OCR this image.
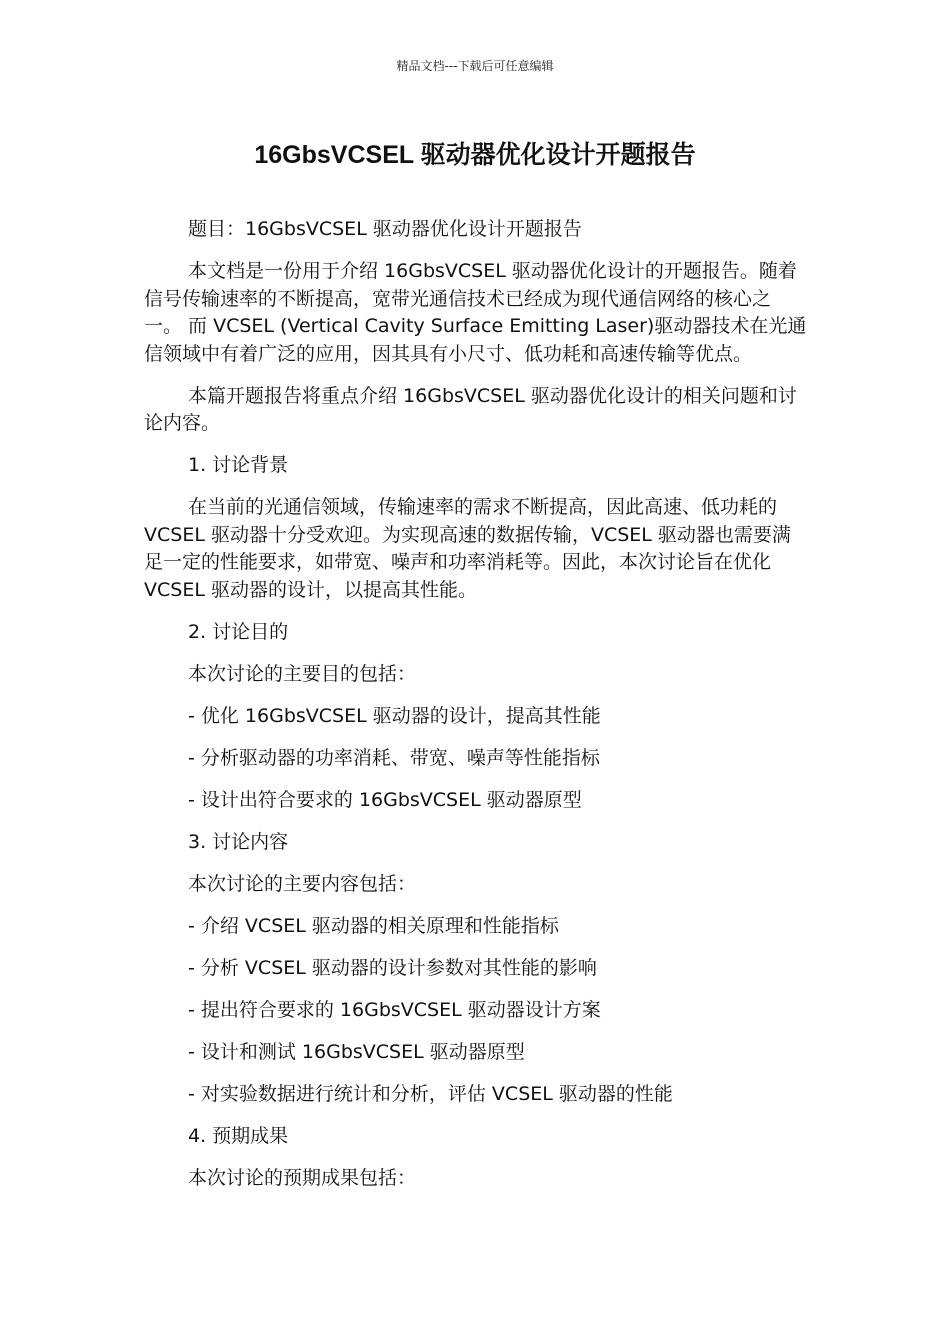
精品文档---下载后可任意编辑
16GbsVCSEL 驱动器优化设计开题报告

题目：16GbsVCSEL 驱动器优化设计开题报告

本文档是一份用于介绍 16GbsVCSEL 驱动器优化设计的开题报告。随着信号传输速率的不断提高，宽带光通信技术已经成为现代通信网络的核心之一。 而 VCSEL (Vertical Cavity Surface Emitting Laser)驱动器技术在光通信领域中有着广泛的应用，因其具有小尺寸、低功耗和高速传输等优点。

本篇开题报告将重点介绍 16GbsVCSEL 驱动器优化设计的相关问题和讨论内容。

1. 讨论背景

在当前的光通信领域，传输速率的需求不断提高，因此高速、低功耗的 VCSEL 驱动器十分受欢迎。为实现高速的数据传输，VCSEL 驱动器也需要满足一定的性能要求，如带宽、噪声和功率消耗等。因此，本次讨论旨在优化 VCSEL 驱动器的设计，以提高其性能。

2. 讨论目的

本次讨论的主要目的包括：

- 优化 16GbsVCSEL 驱动器的设计，提高其性能

- 分析驱动器的功率消耗、带宽、噪声等性能指标

- 设计出符合要求的 16GbsVCSEL 驱动器原型

3. 讨论内容

本次讨论的主要内容包括：

- 介绍 VCSEL 驱动器的相关原理和性能指标

- 分析 VCSEL 驱动器的设计参数对其性能的影响

- 提出符合要求的 16GbsVCSEL 驱动器设计方案

- 设计和测试 16GbsVCSEL 驱动器原型

- 对实验数据进行统计和分析，评估 VCSEL 驱动器的性能

4. 预期成果

本次讨论的预期成果包括：
